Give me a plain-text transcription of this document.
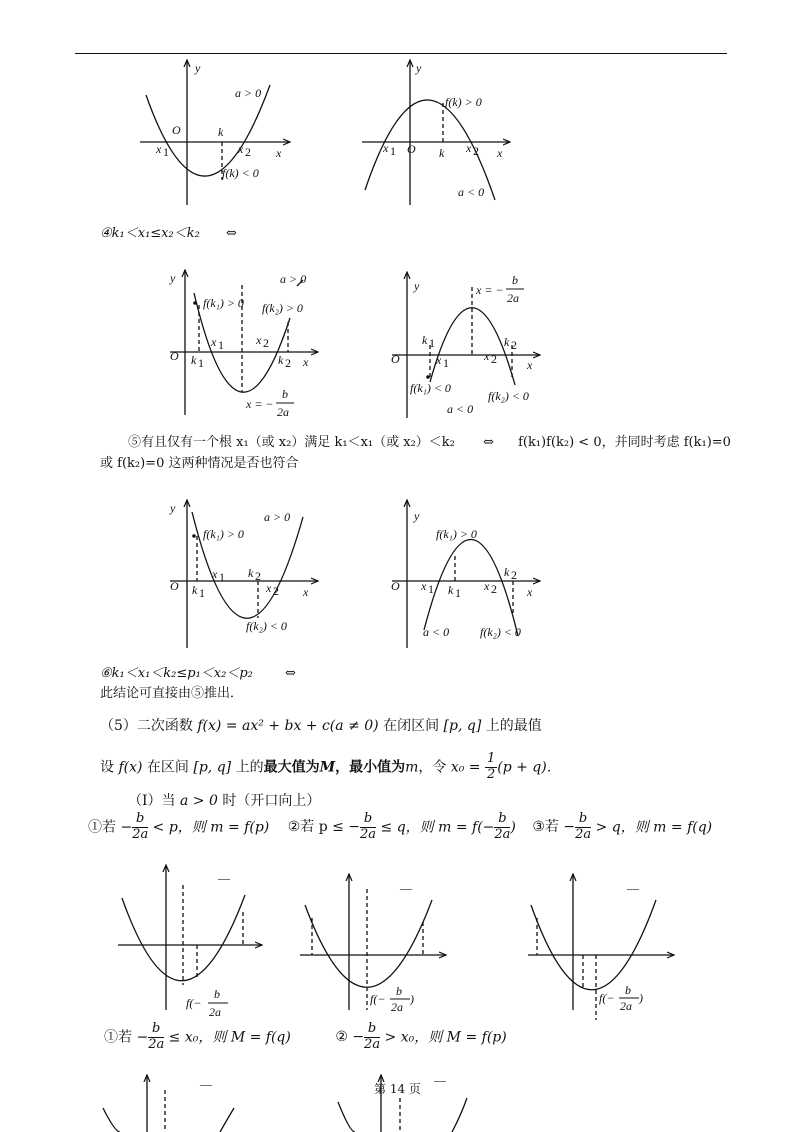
y
x
O	k
x 1	x 2
a > 0
f(k) < 0
y
x
O k
x 1	x 2
f(k) > 0
a < 0
y
x
O k 1
x 1	x 2
k 2
f(k₁) > 0 f(k₂) > 0
a > 0
x = −
b
2a
y
x
O
k 1
x 1	x 2
k 2
x = −
b
2a
f(k₁) < 0
f(k₂) < 0
a < 0
y
x
O k 1
x 1 k 2
x 2
f(k₁) > 0
a > 0
f(k₂) < 0
y
x
O x 1 k 1 x 2
k 2
f(k₁) > 0
a < 0	f(k₂) < 0
—
f(−
b
2a
—
f(−
b
2a
)
—
f(−
b
2a
)
—	—
④k₁＜x₁≤x₂＜k₂ ⇔
⑤有且仅有一个根 x₁（或 x₂）满足 k₁＜x₁（或 x₂）＜k₂ ⇔ f(k₁)f(k₂) < 0，并同时考虑 f(k₁)=0
或 f(k₂)=0 这两种情况是否也符合
⑥k₁＜x₁＜k₂≤p₁＜x₂＜p₂ ⇔
此结论可直接由⑤推出．
（5）二次函数 f(x) = ax² + bx + c(a ≠ 0) 在闭区间 [p, q] 上的最值
设 f(x) 在区间 [p, q] 上的最大值为M，最小值为m，令 $x_0 = \frac{1}{2} (p + q)$．
（Ⅰ）当 a > 0 时（开口向上）
①若 − $\frac{b}{2a} < p$，则 m = f(p) ②若 p ≤ − $\frac{b}{2a} \le q$，则 $m = f(- \frac{b}{2a}$ ) ③若 − $\frac{b}{2a} > q$，则 m = f(q)
①若 − $\frac{b}{2a} \le x_0$，则 M = f(q)	② − $\frac{b}{2a} > x_0$，则 M = f(p)
第 14 页
